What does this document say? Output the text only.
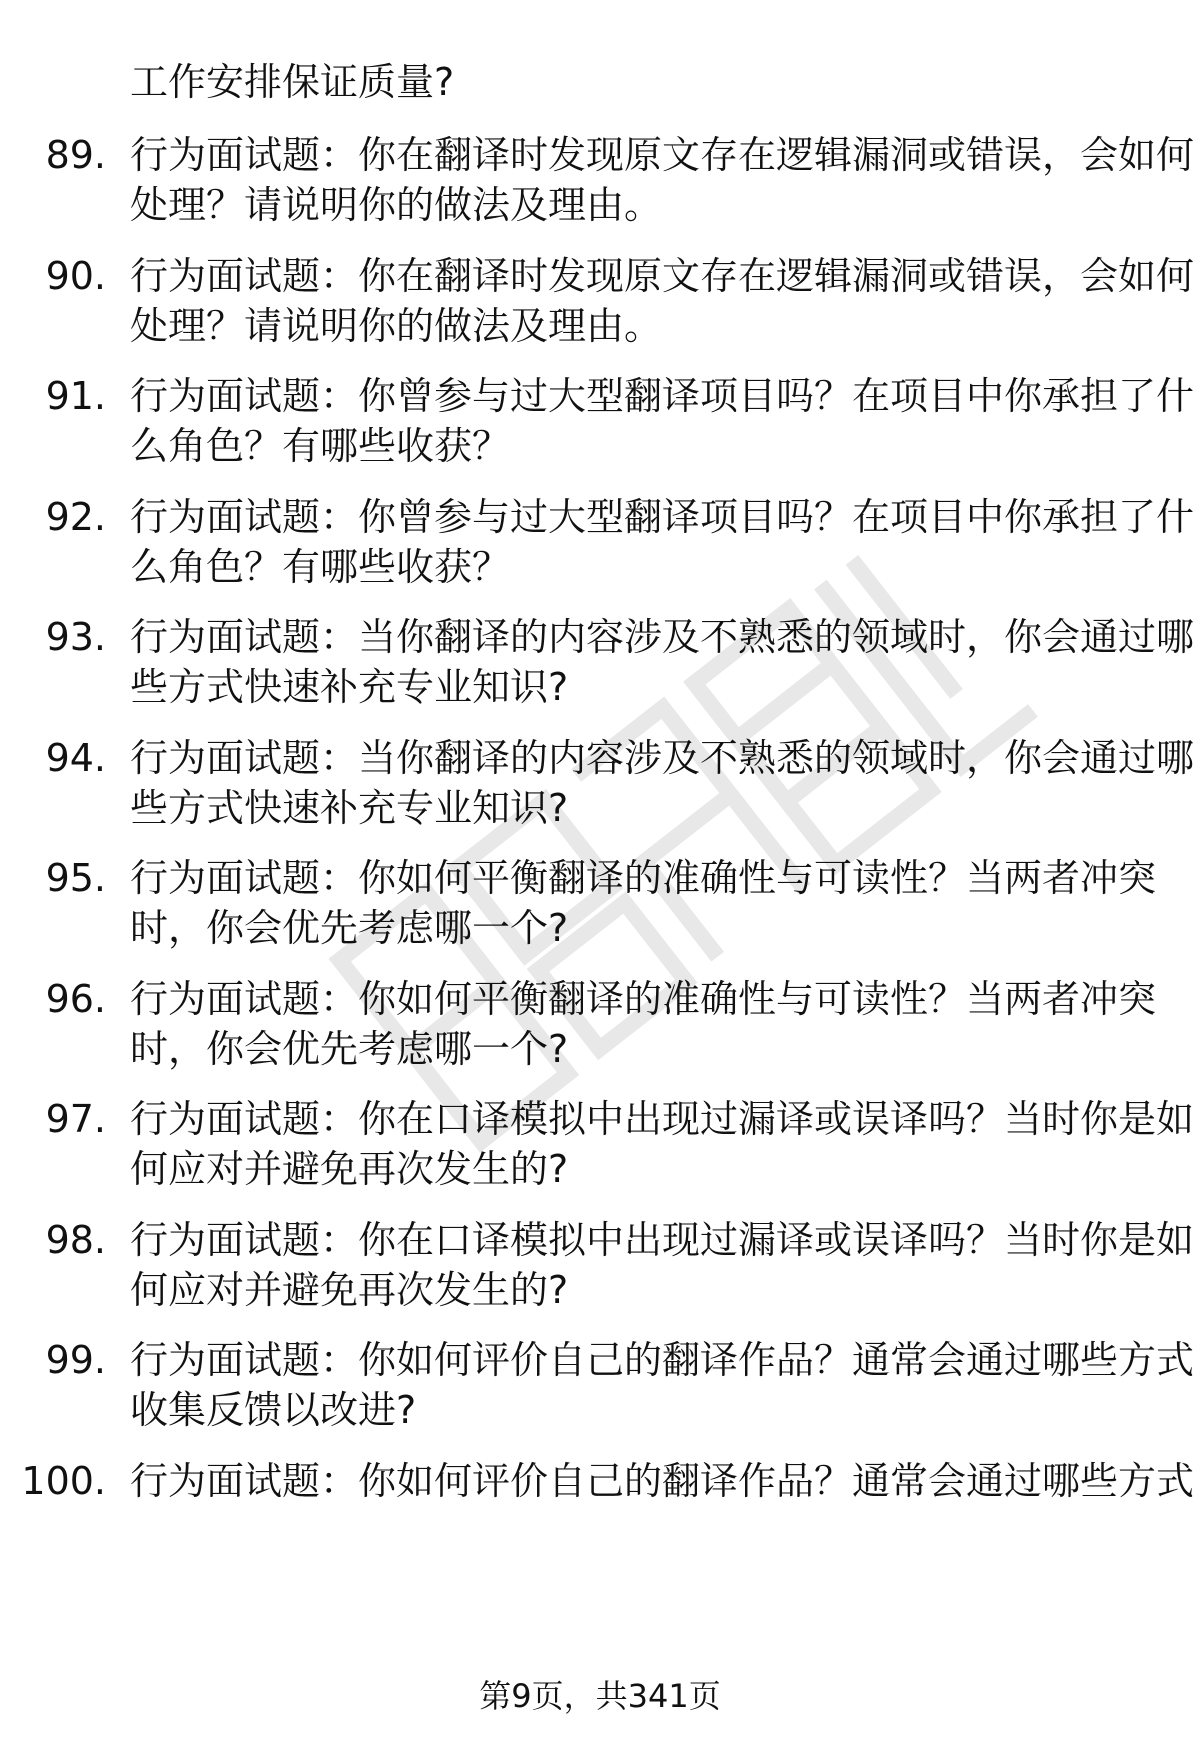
工作安排保证质量?
89. 行为面试题：你在翻译时发现原文存在逻辑漏洞或错误，会如何
处理？请说明你的做法及理由。
90. 行为面试题：你在翻译时发现原文存在逻辑漏洞或错误，会如何
处理？请说明你的做法及理由。
91. 行为面试题：你曾参与过大型翻译项目吗？在项目中你承担了什
么角色？有哪些收获？
92. 行为面试题：你曾参与过大型翻译项目吗？在项目中你承担了什
么角色？有哪些收获？
93. 行为面试题：当你翻译的内容涉及不熟悉的领域时，你会通过哪
些方式快速补充专业知识?
94. 行为面试题：当你翻译的内容涉及不熟悉的领域时，你会通过哪
些方式快速补充专业知识?
95. 行为面试题：你如何平衡翻译的准确性与可读性？当两者冲突
时，你会优先考虑哪一个?
96. 行为面试题：你如何平衡翻译的准确性与可读性？当两者冲突
时，你会优先考虑哪一个?
97. 行为面试题：你在口译模拟中出现过漏译或误译吗？当时你是如
何应对并避免再次发生的?
98. 行为面试题：你在口译模拟中出现过漏译或误译吗？当时你是如
何应对并避免再次发生的?
99. 行为面试题：你如何评价自己的翻译作品？通常会通过哪些方式
收集反馈以改进?
100. 行为面试题：你如何评价自己的翻译作品？通常会通过哪些方式
第9页，共341页
